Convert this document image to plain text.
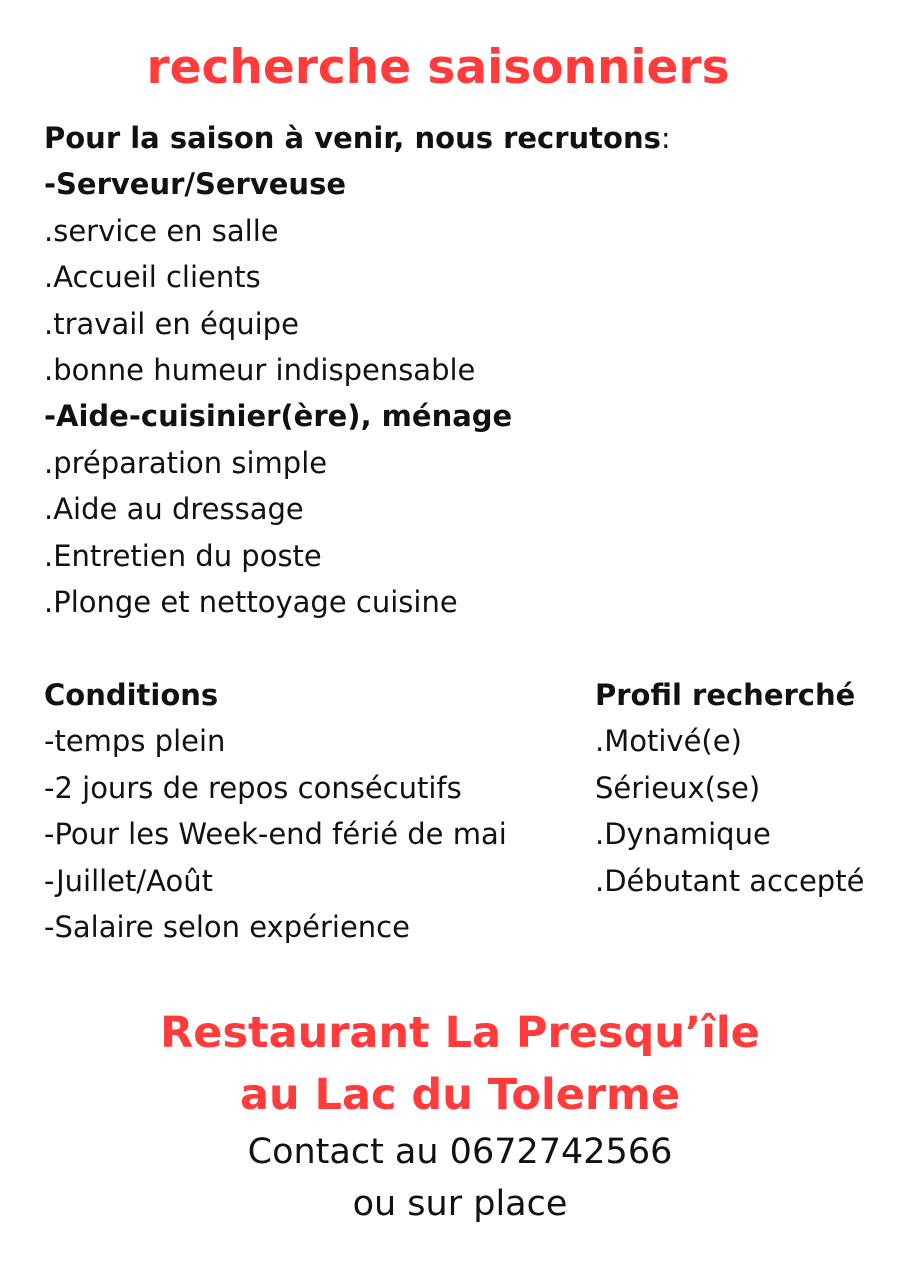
recherche saisonniers
Pour la saison à venir, nous recrutons:
-Serveur/Serveuse
.service en salle
.Accueil clients
.travail en équipe
.bonne humeur indispensable
-Aide-cuisinier(ère), ménage
.préparation simple
.Aide au dressage
.Entretien du poste
.Plonge et nettoyage cuisine
Conditions
-temps plein
-2 jours de repos consécutifs
-Pour les Week-end férié de mai
-Juillet/Août
-Salaire selon expérience
Profil recherché
.Motivé(e)
Sérieux(se)
.Dynamique
.Débutant accepté
Restaurant La Presqu’île
au Lac du Tolerme
Contact au 0672742566
ou sur place
